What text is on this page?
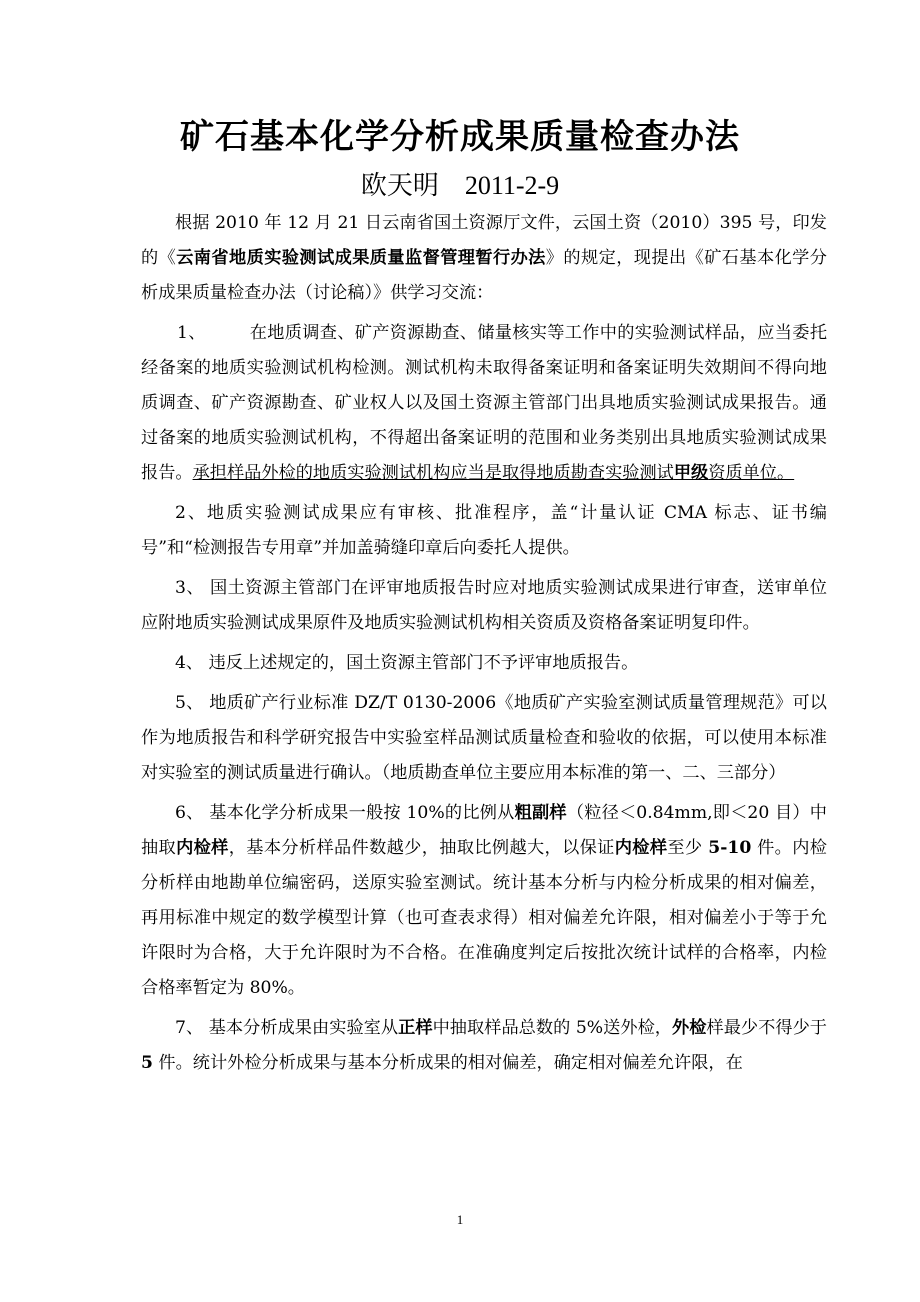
矿石基本化学分析成果质量检查办法
欧天明 2011-2-9

根据 2010 年 12 月 21 日云南省国土资源厅文件，云国土资（2010）395 号，印发的《云南省地质实验测试成果质量监督管理暂行办法》的规定，现提出《矿石基本化学分析成果质量检查办法（讨论稿）》供学习交流：

1、	在地质调查、矿产资源勘查、储量核实等工作中的实验测试样品，应当委托经备案的地质实验测试机构检测。测试机构未取得备案证明和备案证明失效期间不得向地质调查、矿产资源勘查、矿业权人以及国土资源主管部门出具地质实验测试成果报告。通过备案的地质实验测试机构，不得超出备案证明的范围和业务类别出具地质实验测试成果报告。承担样品外检的地质实验测试机构应当是取得地质勘查实验测试甲级资质单位。

2、地质实验测试成果应有审核、批准程序，盖“计量认证 CMA 标志、证书编号”和“检测报告专用章”并加盖骑缝印章后向委托人提供。

3、 国土资源主管部门在评审地质报告时应对地质实验测试成果进行审查，送审单位应附地质实验测试成果原件及地质实验测试机构相关资质及资格备案证明复印件。

4、 违反上述规定的，国土资源主管部门不予评审地质报告。

5、 地质矿产行业标准 DZ/T 0130-2006《地质矿产实验室测试质量管理规范》可以作为地质报告和科学研究报告中实验室样品测试质量检查和验收的依据，可以使用本标准对实验室的测试质量进行确认。（地质勘查单位主要应用本标准的第一、二、三部分）

6、 基本化学分析成果一般按 10%的比例从粗副样（粒径＜0.84mm,即＜20 目）中抽取内检样，基本分析样品件数越少，抽取比例越大，以保证内检样至少 5-10 件。内检分析样由地勘单位编密码，送原实验室测试。统计基本分析与内检分析成果的相对偏差，再用标准中规定的数学模型计算（也可查表求得）相对偏差允许限，相对偏差小于等于允许限时为合格，大于允许限时为不合格。在准确度判定后按批次统计试样的合格率，内检合格率暂定为 80%。

7、 基本分析成果由实验室从正样中抽取样品总数的 5%送外检，外检样最少不得少于 5 件。统计外检分析成果与基本分析成果的相对偏差，确定相对偏差允许限，在

1
